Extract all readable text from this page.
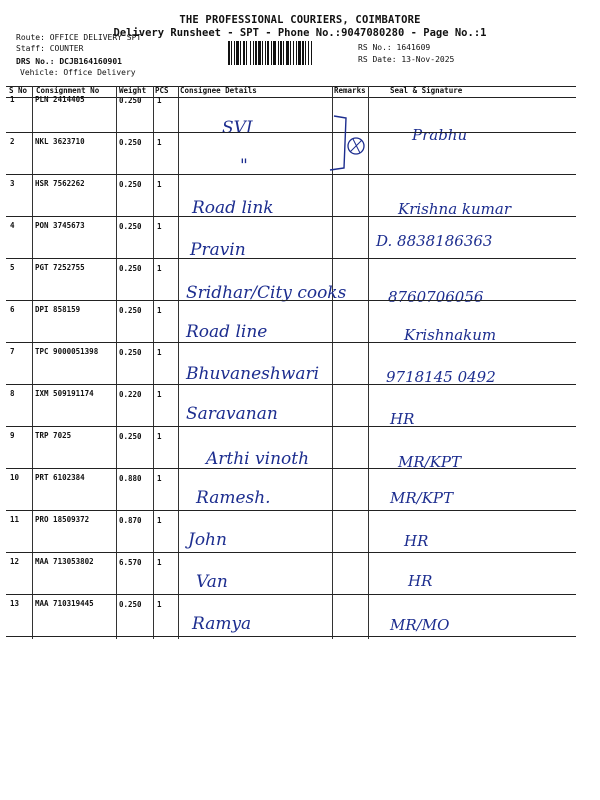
THE PROFESSIONAL COURIERS, COIMBATORE
Delivery Runsheet - SPT - Phone No.:9047080280 - Page No.:1
Route: OFFICE DELIVERY SPT
Staff: COUNTER
DRS No.: DCJB164160901
Vehicle: Office Delivery
RS No.: 1641609
RS Date: 13-Nov-2025
S No Consignment No	Weight PCS Consignee Details	Remarks	Seal & Signature
1	PLN 2414405	0.250 1
SVI	Prabhu
2	NKL 3623710	0.250 1
"
3	HSR 7562262	0.250 1
Road link	Krishna kumar
4	PON 3745673	0.250 1
Pravin	D. 8838186363
5	PGT 7252755	0.250 1
Sridhar/City cooks	8760706056
6	DPI 858159	0.250 1
Road line	Krishnakum
7	TPC 9000051398	0.250 1
Bhuvaneshwari	9718145 0492
8	IXM 509191174	0.220 1
Saravanan	HR
9	TRP 7025	0.250 1
Arthi vinoth	MR/KPT
10 PRT 6102384	0.880 1
Ramesh.	MR/KPT
11 PRO 18509372	0.870 1
John	HR
12 MAA 713053802	6.570 1
Van	HR
13 MAA 710319445	0.250 1
Ramya	MR/MO
